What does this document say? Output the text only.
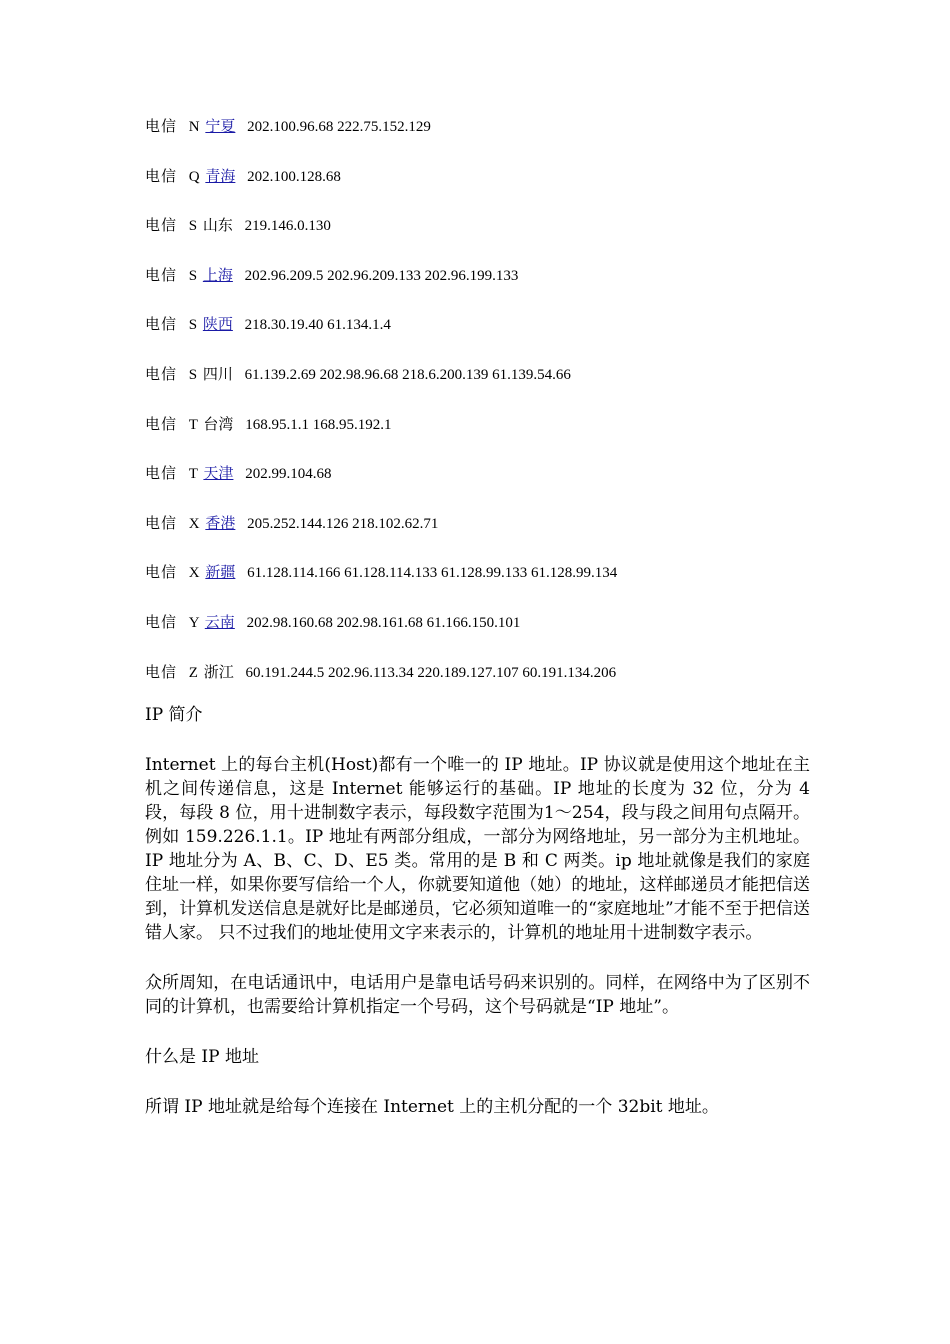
电信 N 宁夏 202.100.96.68 222.75.152.129
电信 Q 青海 202.100.128.68
电信 S 山东 219.146.0.130
电信 S 上海 202.96.209.5 202.96.209.133 202.96.199.133
电信 S 陕西 218.30.19.40 61.134.1.4
电信 S 四川 61.139.2.69 202.98.96.68 218.6.200.139 61.139.54.66
电信 T 台湾 168.95.1.1 168.95.192.1
电信 T 天津 202.99.104.68
电信 X 香港 205.252.144.126 218.102.62.71
电信 X 新疆 61.128.114.166 61.128.114.133 61.128.99.133 61.128.99.134
电信 Y 云南 202.98.160.68 202.98.161.68 61.166.150.101
电信 Z 浙江 60.191.244.5 202.96.113.34 220.189.127.107 60.191.134.206

IP 简介

Internet 上的每台主机(Host)都有一个唯一的 IP 地址。IP 协议就是使用这个地址在主机之间传递信息，这是 Internet 能够运行的基础。IP 地址的长度为 32 位，分为 4 段，每段 8 位，用十进制数字表示，每段数字范围为1～254，段与段之间用句点隔开。例如 159.226.1.1。IP 地址有两部分组成，一部分为网络地址，另一部分为主机地址。IP 地址分为 A、B、C、D、E5 类。常用的是 B 和 C 两类。ip 地址就像是我们的家庭住址一样，如果你要写信给一个人，你就要知道他（她）的地址，这样邮递员才能把信送到，计算机发送信息是就好比是邮递员，它必须知道唯一的“家庭地址”才能不至于把信送错人家。 只不过我们的地址使用文字来表示的，计算机的地址用十进制数字表示。

众所周知，在电话通讯中，电话用户是靠电话号码来识别的。同样，在网络中为了区别不同的计算机，也需要给计算机指定一个号码，这个号码就是“IP 地址”。

什么是 IP 地址

所谓 IP 地址就是给每个连接在 Internet 上的主机分配的一个 32bit 地址。
